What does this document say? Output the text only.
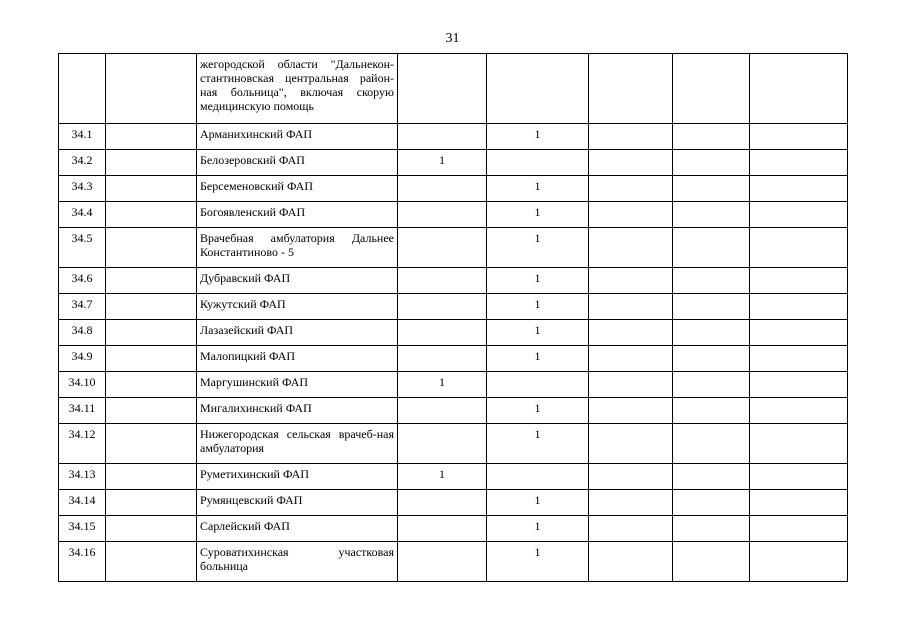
31
		жегородской области "Дальнекон-стантиновская центральная район-ная больница", включая скорую медицинскую помощь					
34.1		Арманихинский ФАП		1			
34.2		Белозеровский ФАП	1				
34.3		Берсеменовский ФАП		1			
34.4		Богоявленский ФАП		1			
34.5		Врачебная амбулатория Дальнее Константиново - 5		1			
34.6		Дубравский ФАП		1			
34.7		Кужутский ФАП		1			
34.8		Лазазейский ФАП		1			
34.9		Малопицкий ФАП		1			
34.10		Маргушинский ФАП	1				
34.11		Мигалихинский ФАП		1			
34.12		Нижегородская сельская врачеб-ная амбулатория		1			
34.13		Руметихинский ФАП	1				
34.14		Румянцевский ФАП		1			
34.15		Сарлейский ФАП		1			
34.16		Суроватихинская участковая больница		1			
